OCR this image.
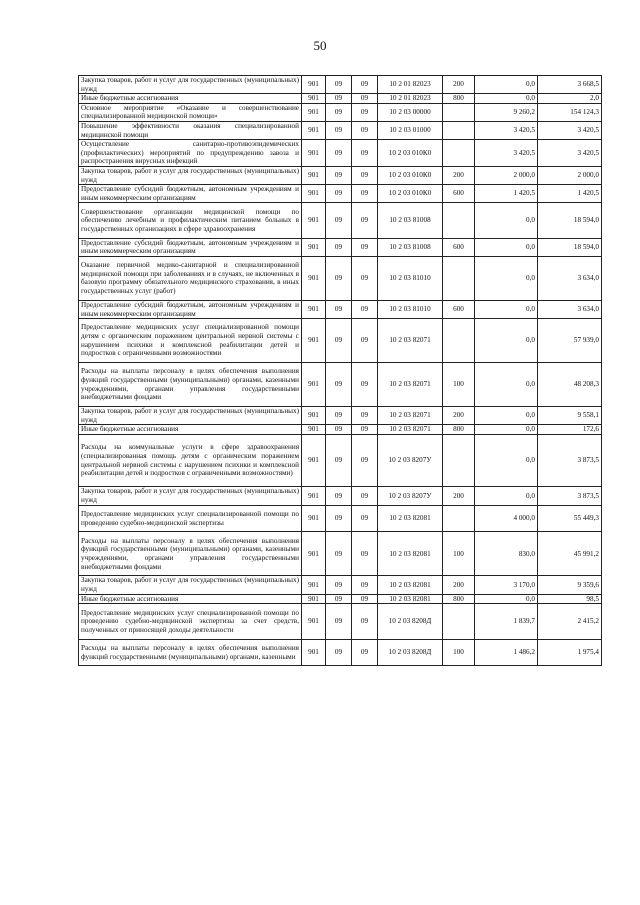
50
Закупка товаров, работ и услуг для государственных (муниципальных) нужд	901	09	09	10 2 01 82023	200	0,0	3 668,5
Иные бюджетные ассигнования	901	09	09	10 2 01 82023	800	0,0	2,0
Основное мероприятие «Оказание и совершенствование специализированной медицинской помощи»	901	09	09	10 2 03 00000		9 260,2	154 124,3
Повышение эффективности оказания специализированной медицинской помощи	901	09	09	10 2 03 01000		3 420,5	3 420,5
Осуществление санитарно-противоэпидемических (профилактических) мероприятий по предупреждению завоза и распространения вирусных инфекций	901	09	09	10 2 03 010К0		3 420,5	3 420,5
Закупка товаров, работ и услуг для государственных (муниципальных) нужд	901	09	09	10 2 03 010К0	200	2 000,0	2 000,0
Предоставление субсидий бюджетным, автономным учреждениям и иным некоммерческим организациям	901	09	09	10 2 03 010К0	600	1 420,5	1 420,5
Совершенствование организации медицинской помощи по обеспечению лечебным и профилактическим питанием больных в государственных организациях в сфере здравоохранения	901	09	09	10 2 03 81008		0,0	18 594,0
Предоставление субсидий бюджетным, автономным учреждениям и иным некоммерческим организациям	901	09	09	10 2 03 81008	600	0,0	18 594,0
Оказание первичной медико-санитарной и специализированной медицинской помощи при заболеваниях и в случаях, не включенных в базовую программу обязательного медицинского страхования, в иных государственных услуг (работ)	901	09	09	10 2 03 81010		0,0	3 634,0
Предоставление субсидий бюджетным, автономным учреждениям и иным некоммерческим организациям	901	09	09	10 2 03 81010	600	0,0	3 634,0
Предоставление медицинских услуг специализированной помощи детям с органическим поражением центральной нервной системы с нарушением психики и комплексной реабилитации детей и подростков с ограниченными возможностями	901	09	09	10 2 03 82071		0,0	57 939,0
Расходы на выплаты персоналу в целях обеспечения выполнения функций государственными (муниципальными) органами, казенными учреждениями, органами управления государственными внебюджетными фондами	901	09	09	10 2 03 82071	100	0,0	48 208,3
Закупка товаров, работ и услуг для государственных (муниципальных) нужд	901	09	09	10 2 03 82071	200	0,0	9 558,1
Иные бюджетные ассигнования	901	09	09	10 2 03 82071	800	0,0	172,6
Расходы на коммунальные услуги в сфере здравоохранения (специализированная помощь детям с органическим поражением центральной нервной системы с нарушением психики и комплексной реабилитации детей и подростков с ограниченными возможностями)	901	09	09	10 2 03 8207У		0,0	3 873,5
Закупка товаров, работ и услуг для государственных (муниципальных) нужд	901	09	09	10 2 03 8207У	200	0,0	3 873,5
Предоставление медицинских услуг специализированной помощи по проведению судебно-медицинской экспертизы	901	09	09	10 2 03 82081		4 000,0	55 449,3
Расходы на выплаты персоналу в целях обеспечения выполнения функций государственными (муниципальными) органами, казенными учреждениями, органами управления государственными внебюджетными фондами	901	09	09	10 2 03 82081	100	830,0	45 991,2
Закупка товаров, работ и услуг для государственных (муниципальных) нужд	901	09	09	10 2 03 82081	200	3 170,0	9 359,6
Иные бюджетные ассигнования	901	09	09	10 2 03 82081	800	0,0	98,5
Предоставление медицинских услуг специализированной помощи по проведению судебно-медицинской экспертизы за счет средств, полученных от приносящей доходы деятельности	901	09	09	10 2 03 8208Д		1 839,7	2 415,2
Расходы на выплаты персоналу в целях обеспечения выполнения функций государственными (муниципальными) органами, казенными	901	09	09	10 2 03 8208Д	100	1 486,2	1 975,4
